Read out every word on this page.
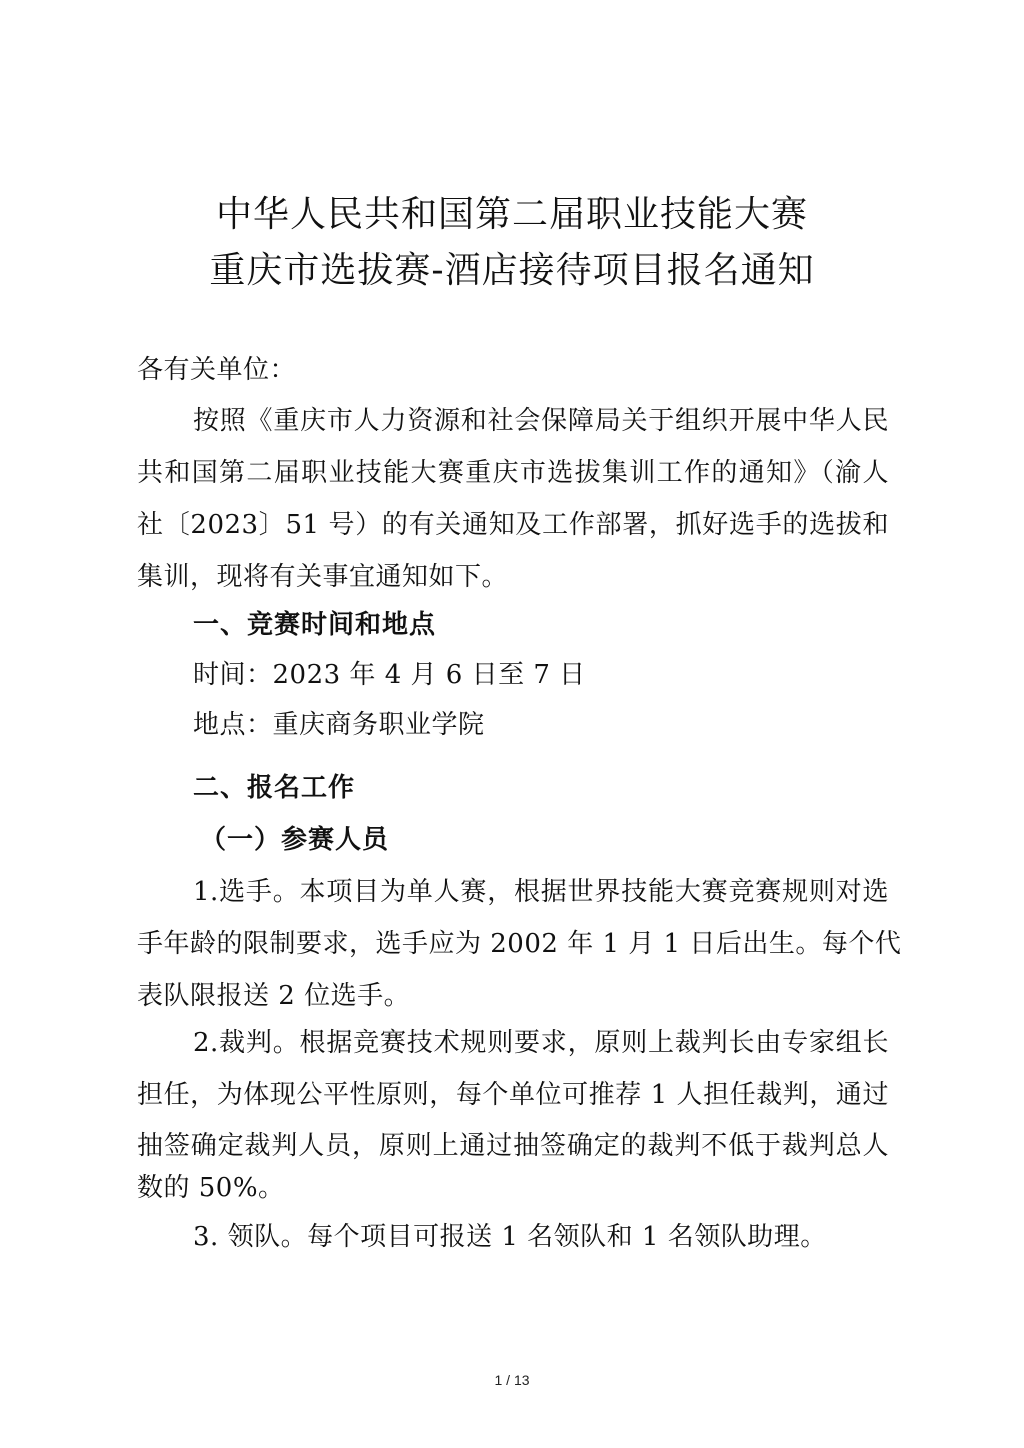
中华人民共和国第二届职业技能大赛
重庆市选拔赛-酒店接待项目报名通知
各有关单位：
按照《重庆市人力资源和社会保障局关于组织开展中华人民
共和国第二届职业技能大赛重庆市选拔集训工作的通知》（渝人
社〔2023〕51 号）的有关通知及工作部署，抓好选手的选拔和
集训，现将有关事宜通知如下。
一、竞赛时间和地点
时间：2023 年 4 月 6 日至 7 日
地点：重庆商务职业学院
二、报名工作
（一）参赛人员
1.选手。本项目为单人赛，根据世界技能大赛竞赛规则对选
手年龄的限制要求，选手应为 2002 年 1 月 1 日后出生。每个代
表队限报送 2 位选手。
2.裁判。根据竞赛技术规则要求，原则上裁判长由专家组长
担任，为体现公平性原则，每个单位可推荐 1 人担任裁判，通过
抽签确定裁判人员，原则上通过抽签确定的裁判不低于裁判总人
数的 50%。
3. 领队。每个项目可报送 1 名领队和 1 名领队助理。
1 / 13
